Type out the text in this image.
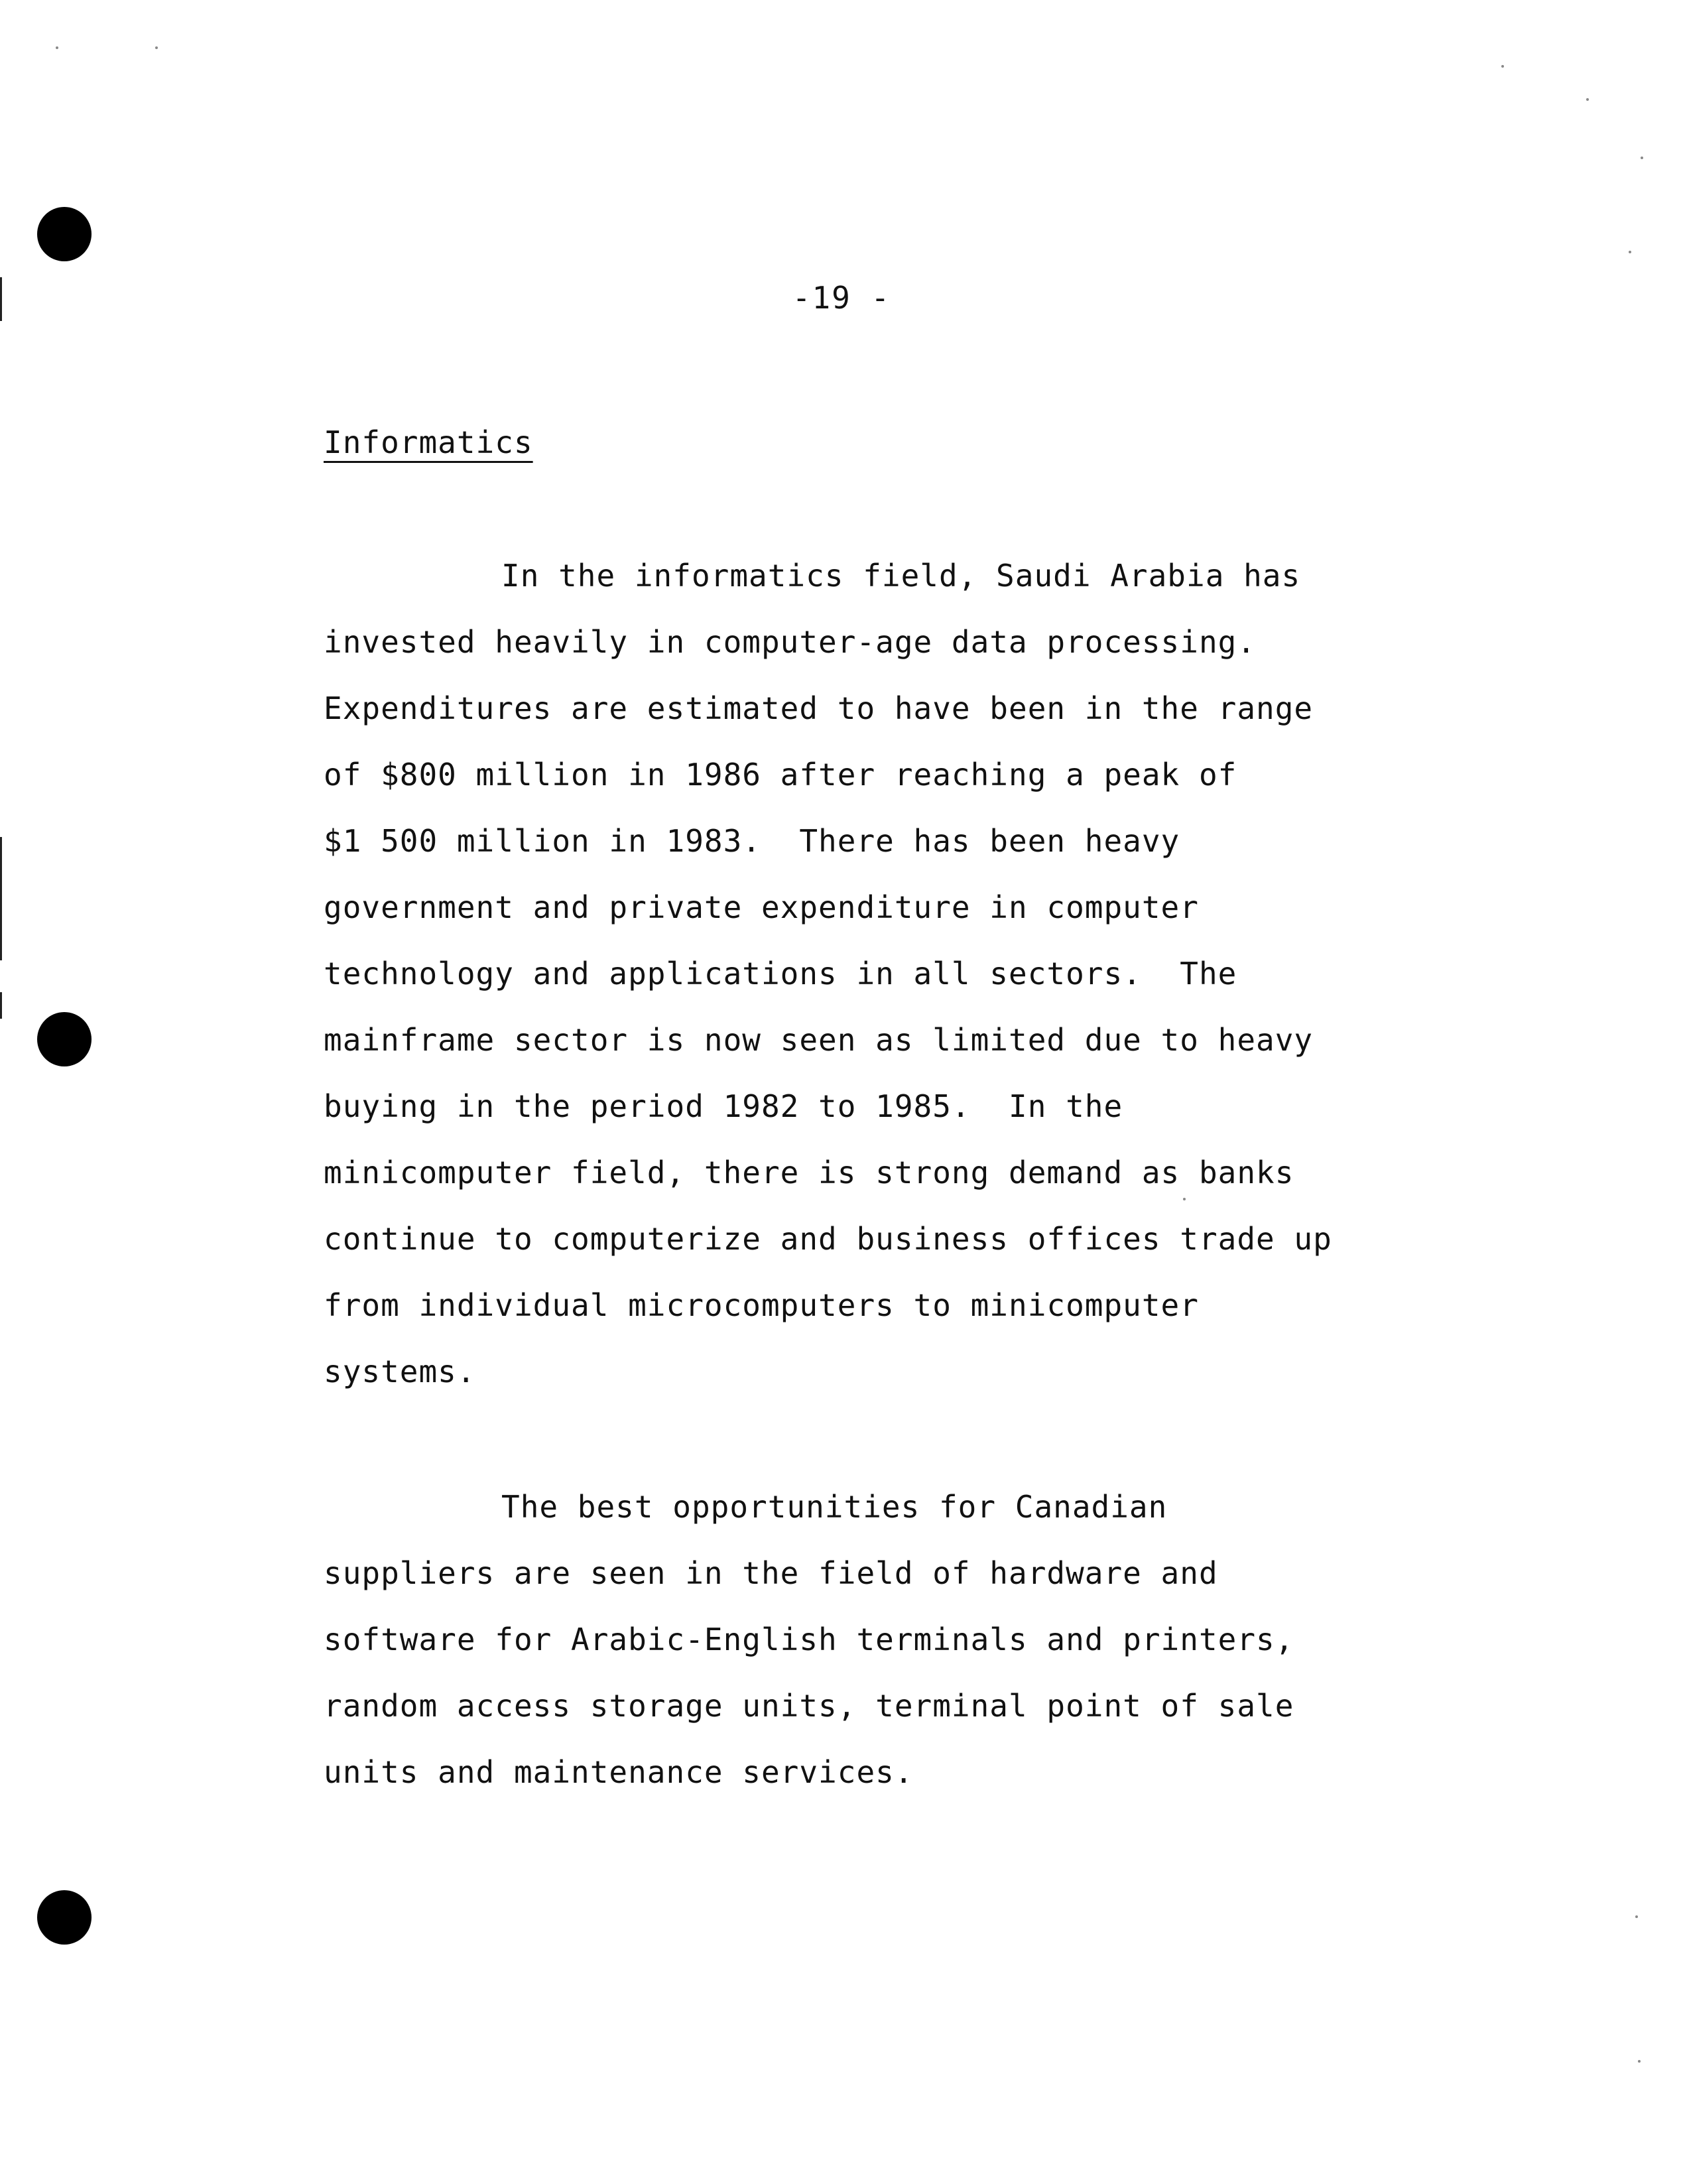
-19 -
Informatics
In the informatics field, Saudi Arabia has
invested heavily in computer-age data processing.
Expenditures are estimated to have been in the range
of $800 million in 1986 after reaching a peak of
$1 500 million in 1983.  There has been heavy
government and private expenditure in computer
technology and applications in all sectors.  The
mainframe sector is now seen as limited due to heavy
buying in the period 1982 to 1985.  In the
minicomputer field, there is strong demand as banks
continue to computerize and business offices trade up
from individual microcomputers to minicomputer
systems.
The best opportunities for Canadian
suppliers are seen in the field of hardware and
software for Arabic-English terminals and printers,
random access storage units, terminal point of sale
units and maintenance services.
